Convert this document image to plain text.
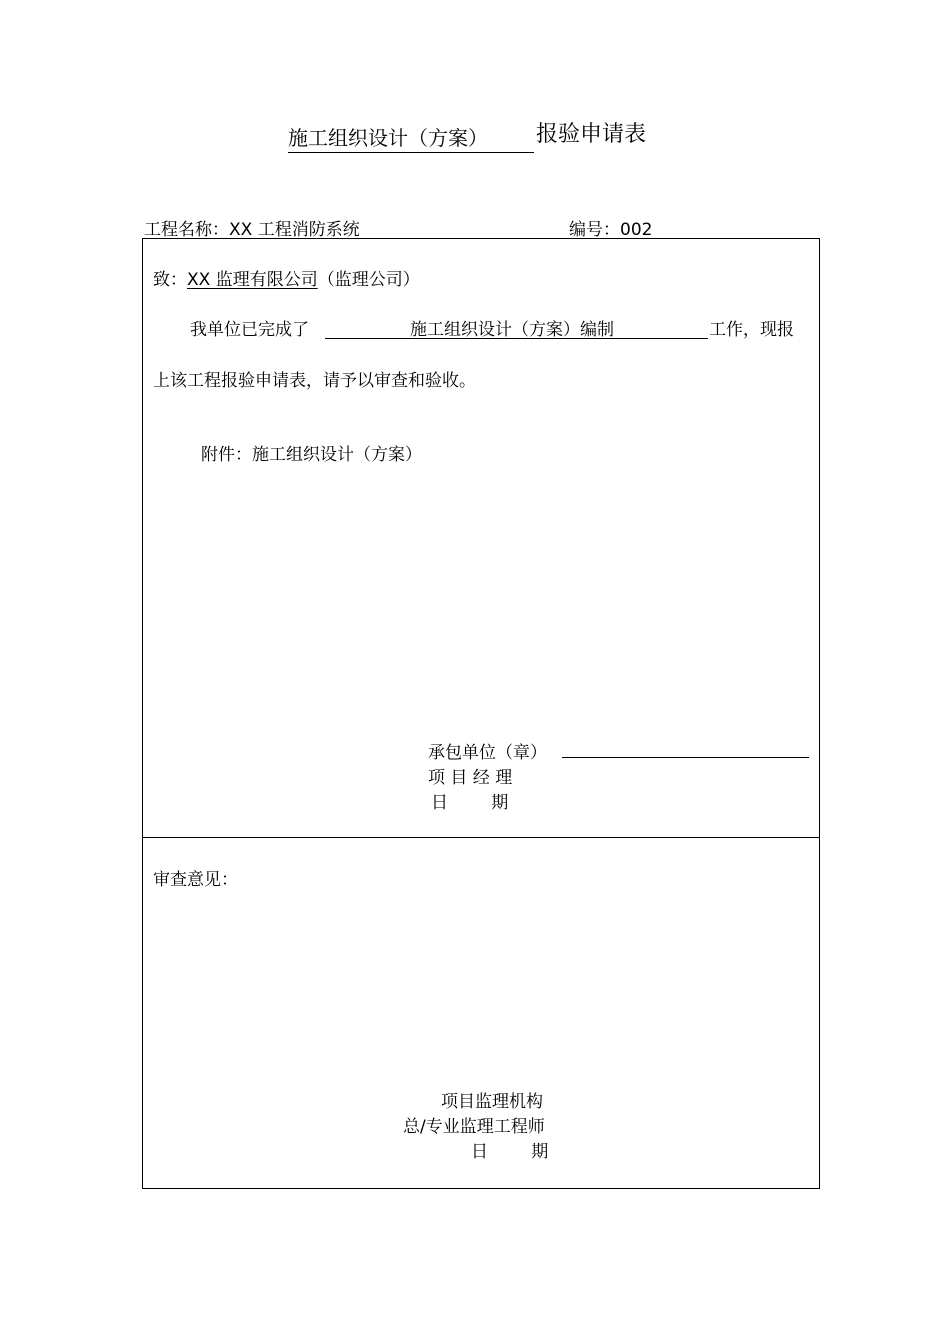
施工组织设计（方案） 报验申请表
工程名称：XX 工程消防系统	编号：002
致：XX 监理有限公司（监理公司）
我单位已完成了	施工组织设计（方案）编制	工作，现报
上该工程报验申请表，请予以审查和验收。
附件：施工组织设计（方案）
承包单位（章）
项 目 经 理
日        期
审查意见：
项目监理机构
总/专业监理工程师
日        期
